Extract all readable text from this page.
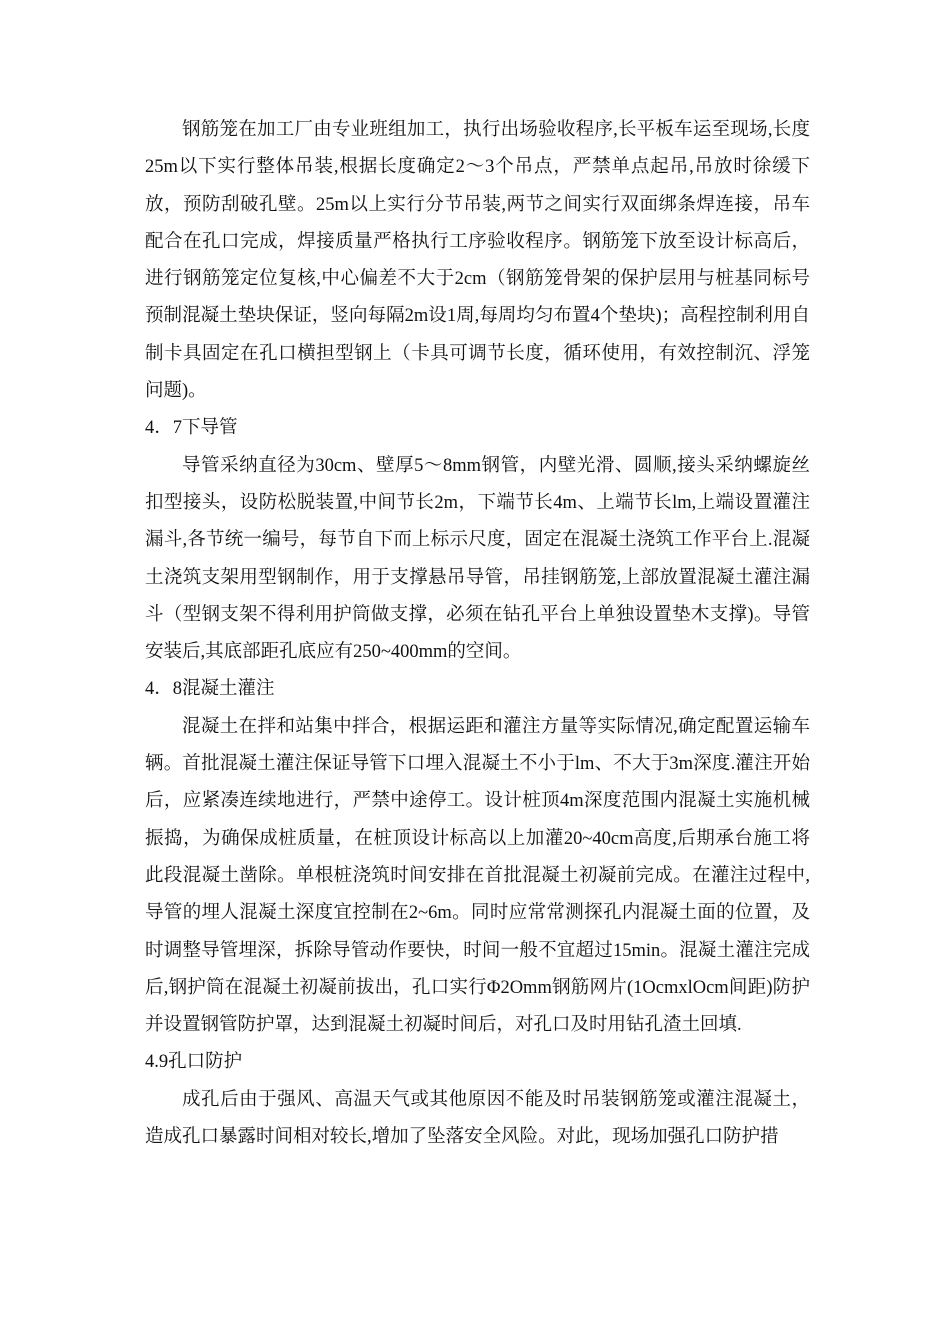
钢筋笼在加工厂由专业班组加工，执行出场验收程序,长平板车运至现场,长度25m以下实行整体吊装,根据长度确定2～3个吊点，严禁单点起吊,吊放时徐缓下放，预防刮破孔壁。25m以上实行分节吊装,两节之间实行双面绑条焊连接，吊车配合在孔口完成，焊接质量严格执行工序验收程序。钢筋笼下放至设计标高后，进行钢筋笼定位复核,中心偏差不大于2cm（钢筋笼骨架的保护层用与桩基同标号预制混凝土垫块保证，竖向每隔2m设1周,每周均匀布置4个垫块)；高程控制利用自制卡具固定在孔口横担型钢上（卡具可调节长度，循环使用，有效控制沉、浮笼问题)。

4．7下导管

导管采纳直径为30cm、壁厚5～8mm钢管，内壁光滑、圆顺,接头采纳螺旋丝扣型接头，设防松脱装置,中间节长2m，下端节长4m、上端节长lm,上端设置灌注漏斗,各节统一编号，每节自下而上标示尺度，固定在混凝土浇筑工作平台上.混凝土浇筑支架用型钢制作，用于支撑悬吊导管，吊挂钢筋笼,上部放置混凝土灌注漏斗（型钢支架不得利用护筒做支撑，必须在钻孔平台上单独设置垫木支撑)。导管安装后,其底部距孔底应有250~400mm的空间。

4．8混凝土灌注

混凝土在拌和站集中拌合，根据运距和灌注方量等实际情况,确定配置运输车辆。首批混凝土灌注保证导管下口埋入混凝土不小于lm、不大于3m深度.灌注开始后，应紧凑连续地进行，严禁中途停工。设计桩顶4m深度范围内混凝土实施机械振捣，为确保成桩质量，在桩顶设计标高以上加灌20~40cm高度,后期承台施工将此段混凝土凿除。单根桩浇筑时间安排在首批混凝土初凝前完成。在灌注过程中,导管的埋人混凝土深度宜控制在2~6m。同时应常常测探孔内混凝土面的位置，及时调整导管埋深，拆除导管动作要快，时间一般不宜超过15min。混凝土灌注完成后,钢护筒在混凝土初凝前拔出，孔口实行Φ2Omm钢筋网片(1OcmxlOcm间距)防护并设置钢管防护罩，达到混凝土初凝时间后，对孔口及时用钻孔渣土回填.

4.9孔口防护

成孔后由于强风、高温天气或其他原因不能及时吊装钢筋笼或灌注混凝土，造成孔口暴露时间相对较长,增加了坠落安全风险。对此，现场加强孔口防护措
